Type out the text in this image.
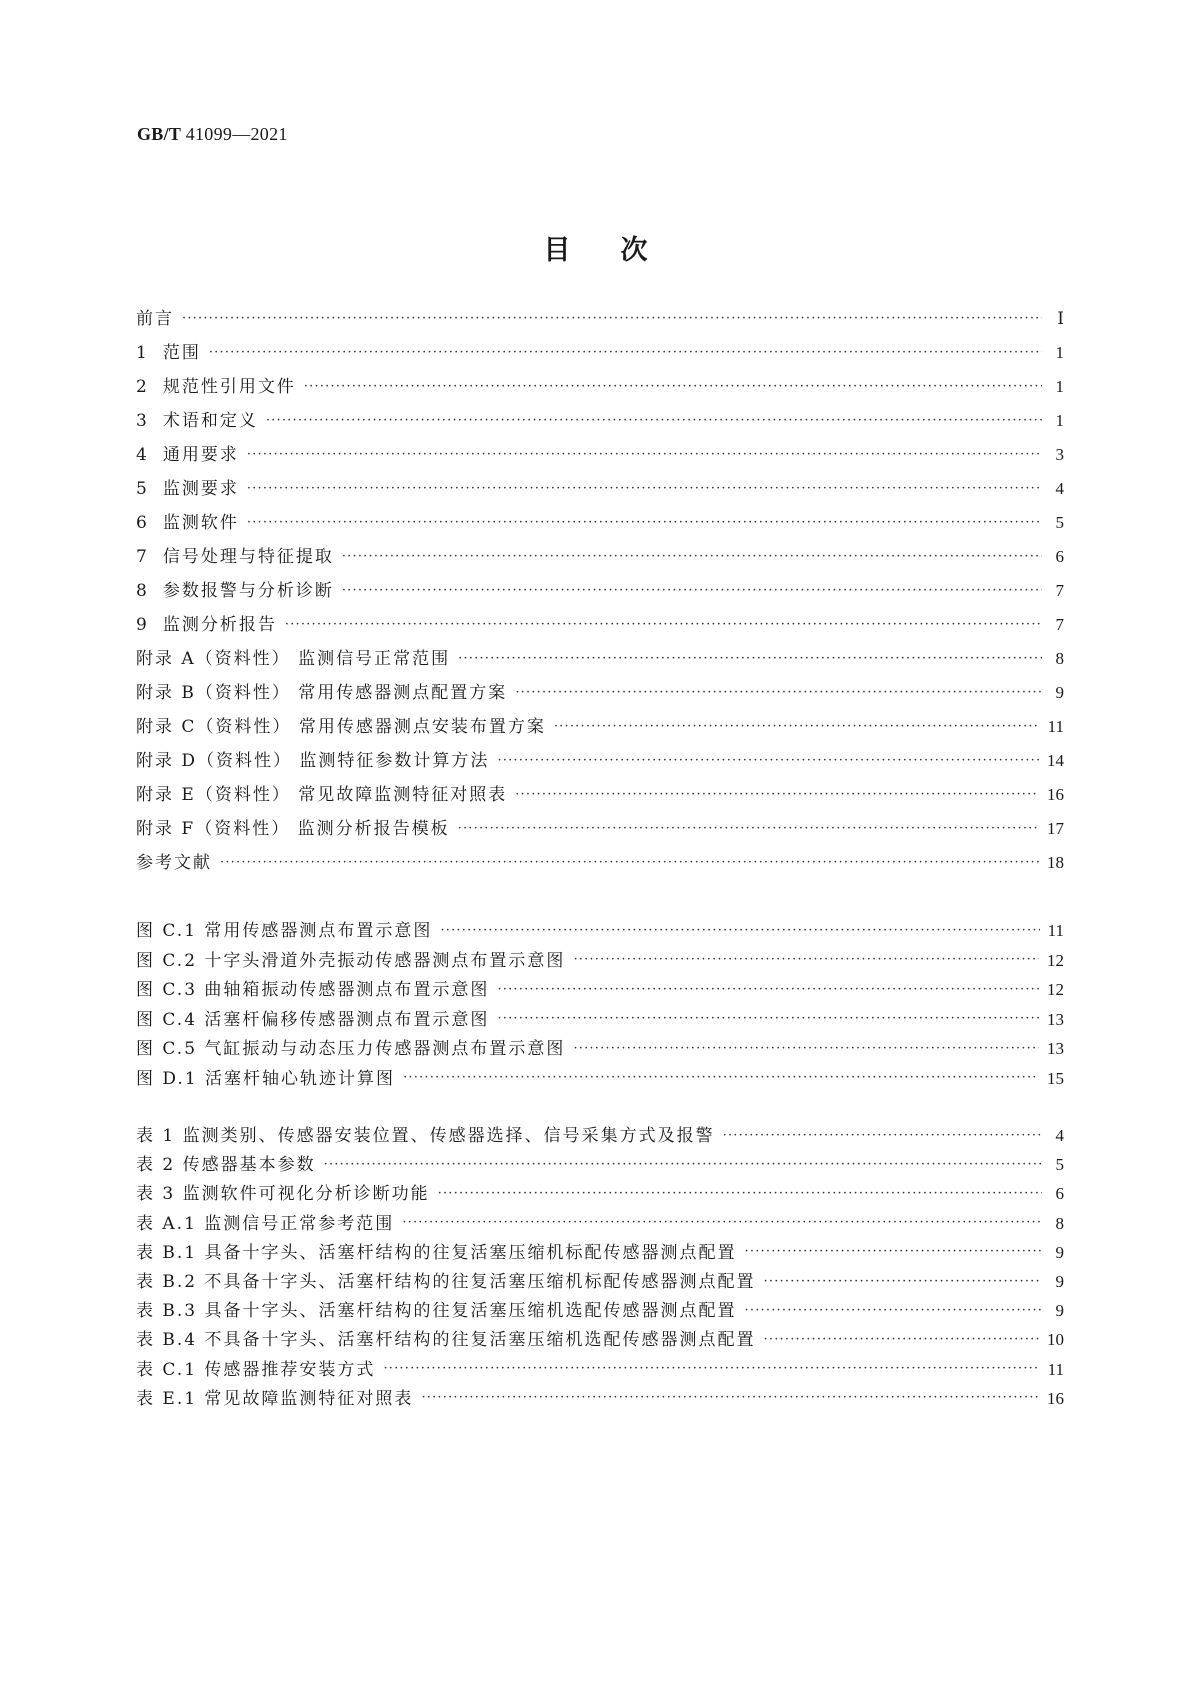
GB/T 41099—2021
目次
前言 ·····	Ⅰ
1 范围 ·····	1
2 规范性引用文件 ·····	1
3 术语和定义 ·····	1
4 通用要求 ·····	3
5 监测要求 ·····	4
6 监测软件 ·····	5
7 信号处理与特征提取 ·····	6
8 参数报警与分析诊断 ·····	7
9 监测分析报告 ·····	7
附录 A（资料性） 监测信号正常范围 ·····	8
附录 B（资料性） 常用传感器测点配置方案 ·····	9
附录 C（资料性） 常用传感器测点安装布置方案 ·····	11
附录 D（资料性） 监测特征参数计算方法 ·····	14
附录 E（资料性） 常见故障监测特征对照表 ·····	16
附录 F（资料性） 监测分析报告模板 ·····	17
参考文献 ·····	18
图 C.1 常用传感器测点布置示意图 ·····	11
图 C.2 十字头滑道外壳振动传感器测点布置示意图 ·····	12
图 C.3 曲轴箱振动传感器测点布置示意图 ·····	12
图 C.4 活塞杆偏移传感器测点布置示意图 ·····	13
图 C.5 气缸振动与动态压力传感器测点布置示意图 ·····	13
图 D.1 活塞杆轴心轨迹计算图 ·····	15
表 1 监测类别、传感器安装位置、传感器选择、信号采集方式及报警 ·····	4
表 2 传感器基本参数 ·····	5
表 3 监测软件可视化分析诊断功能 ·····	6
表 A.1 监测信号正常参考范围 ·····	8
表 B.1 具备十字头、活塞杆结构的往复活塞压缩机标配传感器测点配置 ·····	9
表 B.2 不具备十字头、活塞杆结构的往复活塞压缩机标配传感器测点配置 ·····	9
表 B.3 具备十字头、活塞杆结构的往复活塞压缩机选配传感器测点配置 ·····	9
表 B.4 不具备十字头、活塞杆结构的往复活塞压缩机选配传感器测点配置 ·····	10
表 C.1 传感器推荐安装方式 ·····	11
表 E.1 常见故障监测特征对照表 ·····	16
